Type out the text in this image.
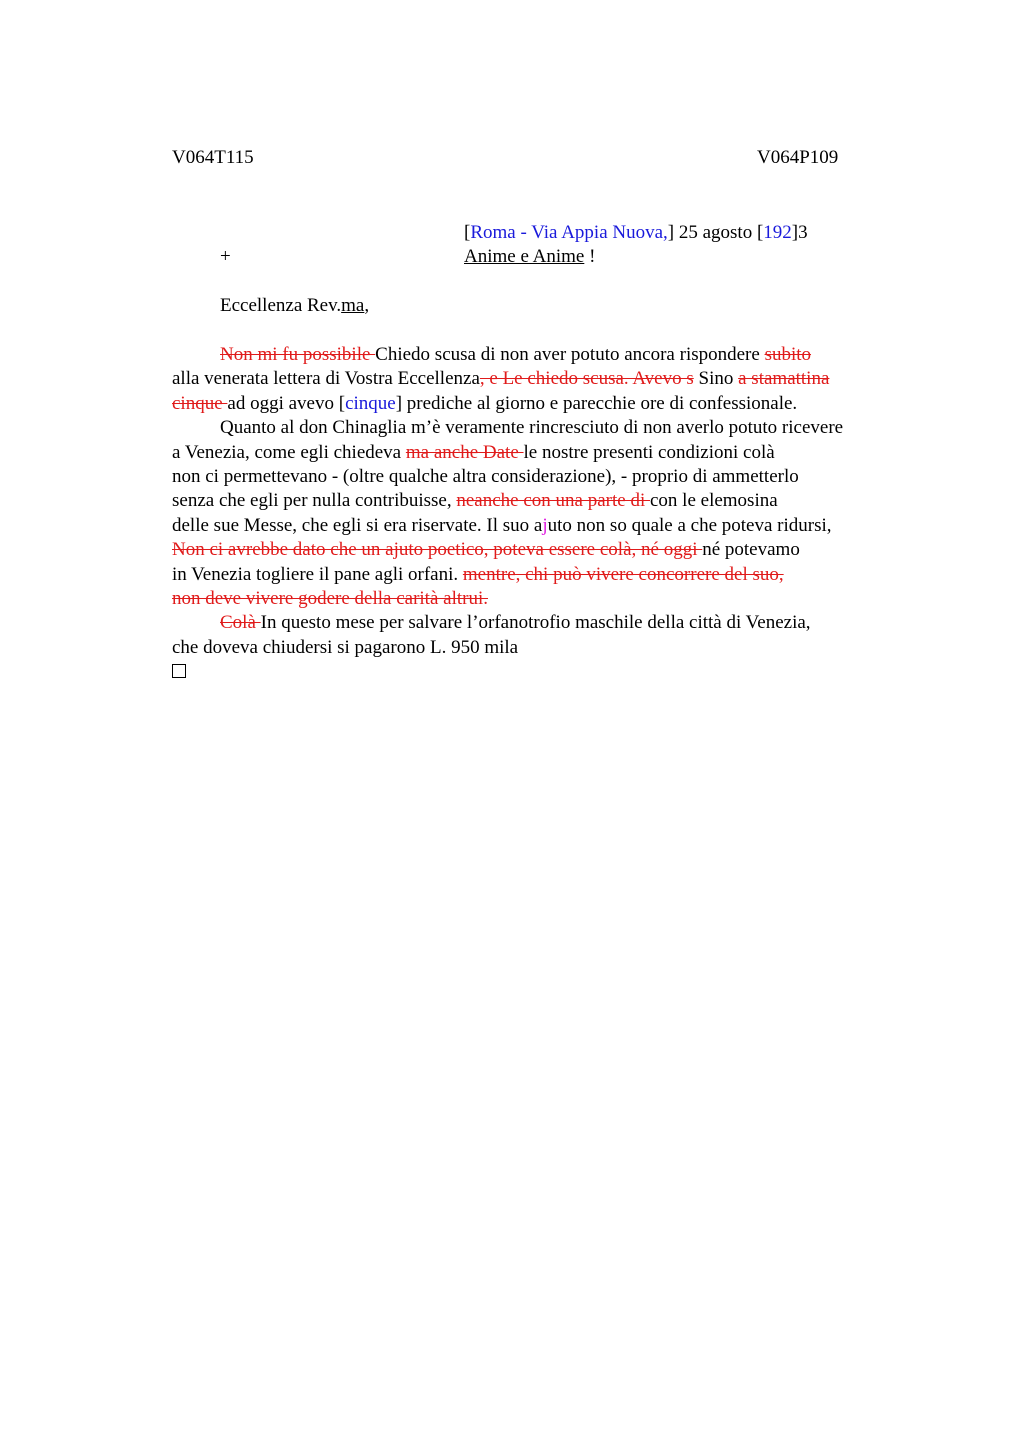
V064T115	V064P109
[Roma - Via Appia Nuova,] 25 agosto [192]3
+	Anime e Anime !
Eccellenza Rev.ma,
Non mi fu possibile Chiedo scusa di non aver potuto ancora rispondere subito
alla venerata lettera di Vostra Eccellenza, e Le chiedo scusa. Avevo s Sino a stamattina
cinque ad oggi avevo [cinque] prediche al giorno e parecchie ore di confessionale.
Quanto al don Chinaglia m’è veramente rincresciuto di non averlo potuto ricevere
a Venezia, come egli chiedeva ma anche Date le nostre presenti condizioni colà
non ci permettevano - (oltre qualche altra considerazione), - proprio di ammetterlo
senza che egli per nulla contribuisse, neanche con una parte di con le elemosina
delle sue Messe, che egli si era riservate. Il suo ajuto non so quale a che poteva ridursi,
Non ci avrebbe dato che un ajuto poetico, poteva essere colà, né oggi né potevamo
in Venezia togliere il pane agli orfani. mentre, chi può vivere concorrere del suo,
non deve vivere godere della carità altrui.
Colà In questo mese per salvare l’orfanotrofio maschile della città di Venezia,
che doveva chiudersi si pagarono L. 950 mila
